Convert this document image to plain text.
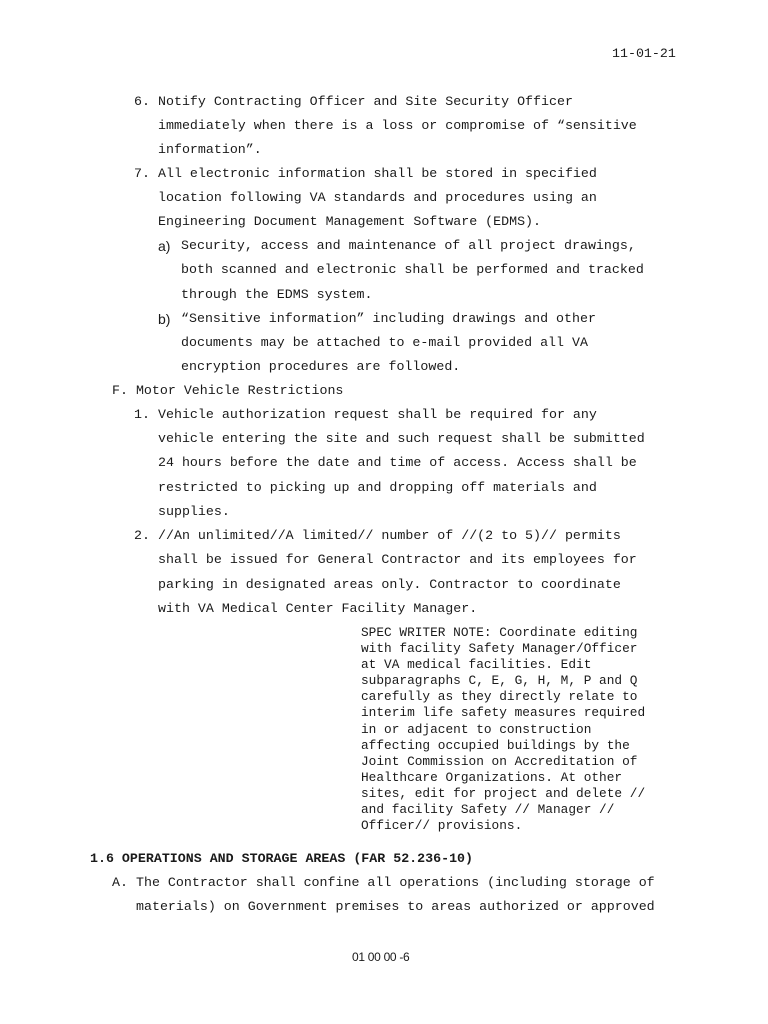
11-01-21
6. Notify Contracting Officer and Site Security Officer
immediately when there is a loss or compromise of “sensitive
information”.
7. All electronic information shall be stored in specified
location following VA standards and procedures using an
Engineering Document Management Software (EDMS).
a) Security, access and maintenance of all project drawings,
both scanned and electronic shall be performed and tracked
through the EDMS system.
b) “Sensitive information” including drawings and other
documents may be attached to e-mail provided all VA
encryption procedures are followed.
F. Motor Vehicle Restrictions
1. Vehicle authorization request shall be required for any
vehicle entering the site and such request shall be submitted
24 hours before the date and time of access. Access shall be
restricted to picking up and dropping off materials and
supplies.
2. //An unlimited//A limited// number of //(2 to 5)// permits
shall be issued for General Contractor and its employees for
parking in designated areas only. Contractor to coordinate
with VA Medical Center Facility Manager.
SPEC WRITER NOTE: Coordinate editing
with facility Safety Manager/Officer
at VA medical facilities. Edit
subparagraphs C, E, G, H, M, P and Q
carefully as they directly relate to
interim life safety measures required
in or adjacent to construction
affecting occupied buildings by the
Joint Commission on Accreditation of
Healthcare Organizations. At other
sites, edit for project and delete //
and facility Safety // Manager //
Officer// provisions.
1.6 OPERATIONS AND STORAGE AREAS (FAR 52.236-10)
A. The Contractor shall confine all operations (including storage of
materials) on Government premises to areas authorized or approved
01 00 00 -6
